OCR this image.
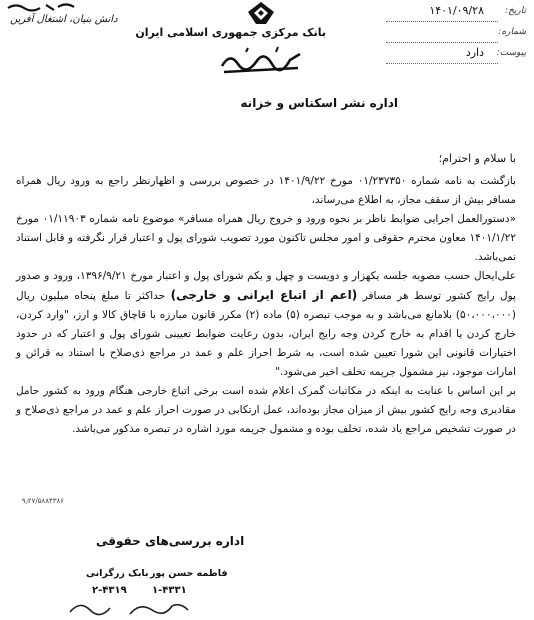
دانش بنیان، اشتغال آفرین
بانک مرکزی جمهوری اسلامی ایران
تاریخ:
۱۴۰۱/۰۹/۲۸
شماره:
پیوست:
دارد
اداره نشر اسکناس و خزانه
با سلام و احترام؛

بازگشت به نامه شماره ۰۱/۲۳۷۳۵۰ مورخ ۱۴۰۱/۹/۲۲ در خصوص بررسی و اظهارنظر راجع به ورود ریال همراه مسافر بیش از سقف مجاز، به اطلاع می‌رساند،

«دستورالعمل اجرایی ضوابط ناظر بر نحوه ورود و خروج ریال همراه مسافر» موضوع نامه شماره ۰۱/۱۱۹۰۳ مورخ ۱۴۰۱/۱/۲۲ معاون محترم حقوقی و امور مجلس تاکنون مورد تصویب شورای پول و اعتبار قرار نگرفته و قابل استناد نمی‌باشد.

علی‌ایحال حسب مصوبه جلسه یکهزار و دویست و چهل و یکم شورای پول و اعتبار مورخ ۱۳۹۶/۹/۲۱، ورود و صدور پول رایج کشور توسط هر مسافر (اعم از اتباع ایرانی و خارجی) حداکثر تا مبلغ پنجاه میلیون ریال (۵۰،۰۰۰،۰۰۰) بلامانع می‌باشد و به موجب تبصره (۵) ماده (۲) مکرر قانون مبارزه با قاچاق کالا و ارز، "وارد کردن، خارج کردن یا اقدام به خارج کردن وجه رایج ایران، بدون رعایت ضوابط تعیینی شورای پول و اعتبار که در حدود اختیارات قانونی این شورا تعیین شده است، به شرط احراز علم و عمد در مراجع ذی‌صلاح با استناد به قرائن و امارات موجود، نیز مشمول جریمه تخلف اخیر می‌شود."

بر این اساس با عنایت به اینکه در مکاتبات گمرک اعلام شده است برخی اتباع خارجی هنگام ورود به کشور حامل مقادیری وجه رایج کشور بیش از میزان مجاز بوده‌اند، عمل ارتکابی در صورت احراز علم و عمد در مراجع ذی‌صلاح و در صورت تشخیص مراجع یاد شده، تخلف بوده و مشمول جریمه مورد اشاره در تبصره مذکور می‌باشد.

۹٫۲۷/۵۸۸۴۳۸۶
اداره بررسی‌های حقوقی
فاطمه حسن پور
بابک زرگرانی
۱-۴۳۳۱
۲-۴۳۱۹
